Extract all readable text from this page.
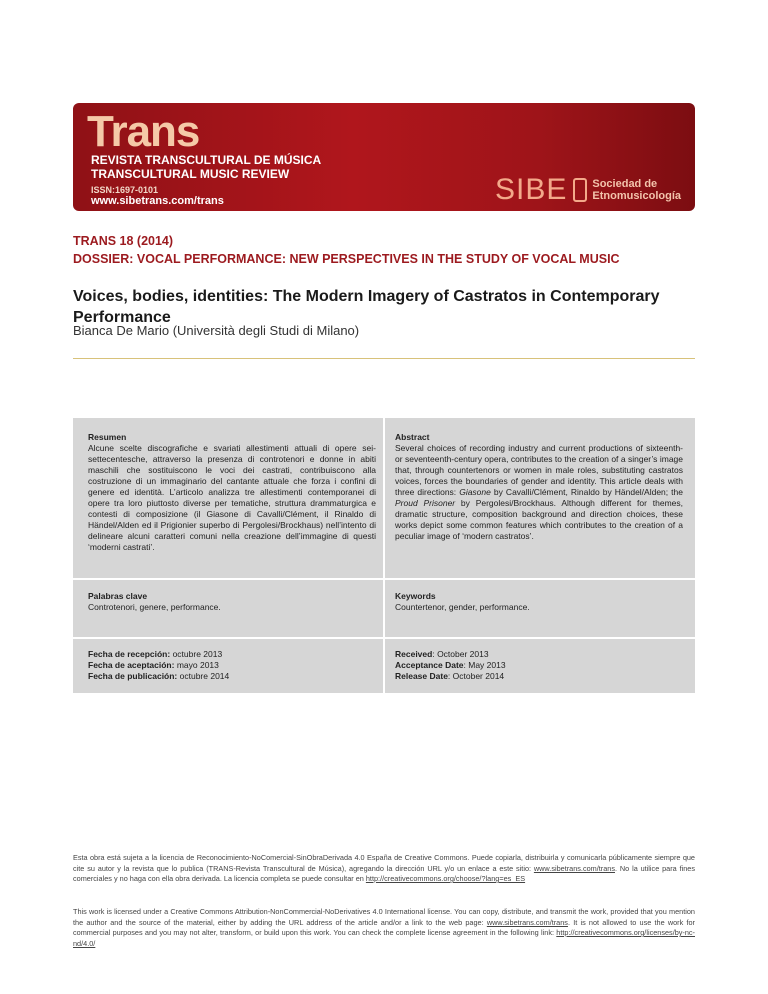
Trans
REVISTA TRANSCULTURAL DE MÚSICA
TRANSCULTURAL MUSIC REVIEW
ISSN:1697-0101
www.sibetrans.com/trans	SIBE Sociedad de
Etnomusicología
TRANS 18 (2014)
DOSSIER: VOCAL PERFORMANCE: NEW PERSPECTIVES IN THE STUDY OF VOCAL MUSIC
Voices, bodies, identities: The Modern Imagery of Castratos in Contemporary Performance
Bianca De Mario (Università degli Studi di Milano)
Resumen
Alcune scelte discografiche e svariati allestimenti attuali di opere sei-settecentesche, attraverso la presenza di controtenori e donne in abiti maschili che sostituiscono le voci dei castrati, contribuiscono alla costruzione di un immaginario del cantante attuale che forza i confini di genere ed identità. L’articolo analizza tre allestimenti contemporanei di opere tra loro piuttosto diverse per tematiche, struttura drammaturgica e contesti di composizione (il Giasone di Cavalli/Clément, il Rinaldo di Händel/Alden ed il Prigionier superbo di Pergolesi/Brockhaus) nell’intento di delineare alcuni caratteri comuni nella creazione dell’immagine di questi ‘moderni castrati’.
Abstract
Several choices of recording industry and current productions of sixteenth- or seventeenth-century opera, contributes to the creation of a singer’s image that, through countertenors or women in male roles, substituting castratos voices, forces the boundaries of gender and identity. This article deals with three directions: Giasone by Cavalli/Clément, Rinaldo by Händel/Alden; the Proud Prisoner by Pergolesi/Brockhaus. Although different for themes, dramatic structure, composition background and direction choices, these works depict some common features which contributes to the creation of a peculiar image of ‘modern castratos’.
Palabras clave
Controtenori, genere, performance.
Keywords
Countertenor, gender, performance.
Fecha de recepción: octubre 2013
Fecha de aceptación: mayo 2013
Fecha de publicación: octubre 2014
Received: October 2013
Acceptance Date: May 2013
Release Date: October 2014
Esta obra está sujeta a la licencia de Reconocimiento-NoComercial-SinObraDerivada 4.0 España de Creative Commons. Puede copiarla, distribuirla y comunicarla públicamente siempre que cite su autor y la revista que lo publica (TRANS-Revista Transcultural de Música), agregando la dirección URL y/o un enlace a este sitio: www.sibetrans.com/trans. No la utilice para fines comerciales y no haga con ella obra derivada. La licencia completa se puede consultar en http://creativecommons.org/choose/?lang=es_ES
This work is licensed under a Creative Commons Attribution-NonCommercial-NoDerivatives 4.0 International license. You can copy, distribute, and transmit the work, provided that you mention the author and the source of the material, either by adding the URL address of the article and/or a link to the web page: www.sibetrans.com/trans. It is not allowed to use the work for commercial purposes and you may not alter, transform, or build upon this work. You can check the complete license agreement in the following link: http://creativecommons.org/licenses/by-nc-nd/4.0/
